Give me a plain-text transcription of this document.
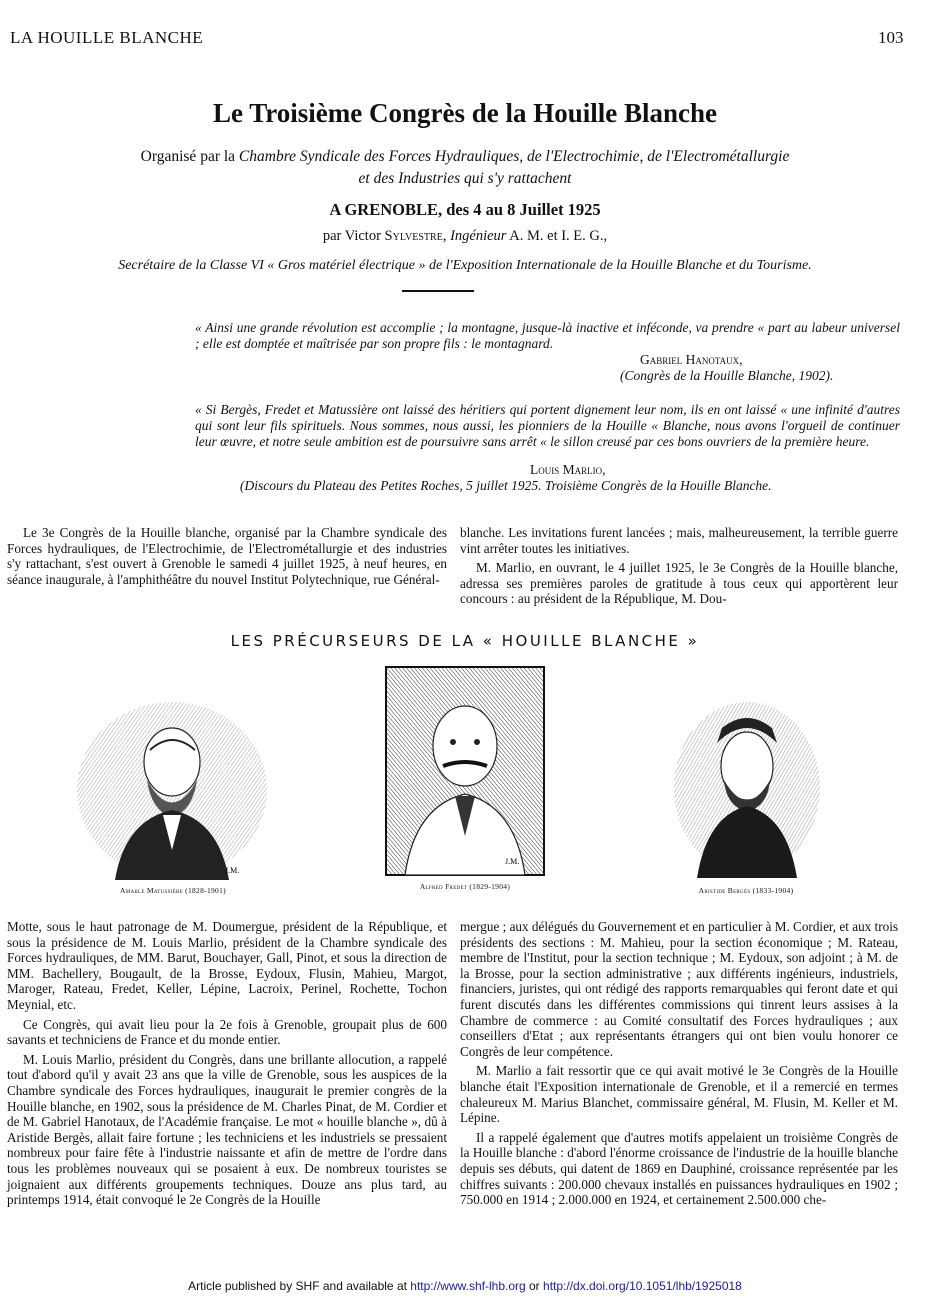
LA HOUILLE BLANCHE	103
Le Troisième Congrès de la Houille Blanche
Organisé par la Chambre Syndicale des Forces Hydrauliques, de l'Electrochimie, de l'Electrométallurgie
et des Industries qui s'y rattachent
A GRENOBLE, des 4 au 8 Juillet 1925
par Victor Sylvestre, Ingénieur A. M. et I. E. G.,
Secrétaire de la Classe VI « Gros matériel électrique » de l'Exposition Internationale de la Houille Blanche et du Tourisme.
« Ainsi une grande révolution est accomplie ; la montagne, jusque-là inactive et inféconde, va prendre « part au labeur universel ; elle est domptée et maîtrisée par son propre fils : le montagnard.
Gabriel Hanotaux,
(Congrès de la Houille Blanche, 1902).
« Si Bergès, Fredet et Matussière ont laissé des héritiers qui portent dignement leur nom, ils en ont laissé « une infinité d'autres qui sont leur fils spirituels. Nous sommes, nous aussi, les pionniers de la Houille « Blanche, nous avons l'orgueil de continuer leur œuvre, et notre seule ambition est de poursuivre sans arrêt « le sillon creusé par ces bons ouvriers de la première heure.
Louis Marlio,
(Discours du Plateau des Petites Roches, 5 juillet 1925. Troisième Congrès de la Houille Blanche.

Le 3e Congrès de la Houille blanche, organisé par la Chambre syndicale des Forces hydrauliques, de l'Electrochimie, de l'Electrométallurgie et des industries s'y rattachant, s'est ouvert à Grenoble le samedi 4 juillet 1925, à neuf heures, en séance inaugurale, à l'amphithéâtre du nouvel Institut Polytechnique, rue Général-

blanche. Les invitations furent lancées ; mais, malheureusement, la terrible guerre vint arrêter toutes les initiatives.

M. Marlio, en ouvrant, le 4 juillet 1925, le 3e Congrès de la Houille blanche, adressa ses premières paroles de gratitude à tous ceux qui apportèrent leur concours : au président de la République, M. Dou-

LES PRÉCURSEURS DE LA « HOUILLE BLANCHE »
J.M.
Amable Matussière (1828-1901)
J.M.
Alfred Fredet (1829-1904)	Aristide Bergès (1833-1904)

Motte, sous le haut patronage de M. Doumergue, président de la République, et sous la présidence de M. Louis Marlio, président de la Chambre syndicale des Forces hydrauliques, de MM. Barut, Bouchayer, Gall, Pinot, et sous la direction de MM. Bachellery, Bougault, de la Brosse, Eydoux, Flusin, Mahieu, Margot, Maroger, Rateau, Fredet, Keller, Lépine, Lacroix, Perinel, Rochette, Tochon Meynial, etc.

Ce Congrès, qui avait lieu pour la 2e fois à Grenoble, groupait plus de 600 savants et techniciens de France et du monde entier.

M. Louis Marlio, président du Congrès, dans une brillante allocution, a rappelé tout d'abord qu'il y avait 23 ans que la ville de Grenoble, sous les auspices de la Chambre syndicale des Forces hydrauliques, inaugurait le premier congrès de la Houille blanche, en 1902, sous la présidence de M. Charles Pinat, de M. Cordier et de M. Gabriel Hanotaux, de l'Académie française. Le mot « houille blanche », dû à Aristide Bergès, allait faire fortune ; les techniciens et les industriels se pressaient nombreux pour faire fête à l'industrie naissante et afin de mettre de l'ordre dans tous les problèmes nouveaux qui se posaient à eux. De nombreux touristes se joignaient aux différents groupements techniques. Douze ans plus tard, au printemps 1914, était convoqué le 2e Congrès de la Houille

mergue ; aux délégués du Gouvernement et en particulier à M. Cordier, et aux trois présidents des sections : M. Mahieu, pour la section économique ; M. Rateau, membre de l'Institut, pour la section technique ; M. Eydoux, son adjoint ; à M. de la Brosse, pour la section administrative ; aux différents ingénieurs, industriels, financiers, juristes, qui ont rédigé des rapports remarquables qui feront date et qui furent discutés dans les différentes commissions qui tinrent leurs assises à la Chambre de commerce : au Comité consultatif des Forces hydrauliques ; aux conseillers d'Etat ; aux représentants étrangers qui ont bien voulu honorer ce Congrès de leur compétence.

M. Marlio a fait ressortir que ce qui avait motivé le 3e Congrès de la Houille blanche était l'Exposition internationale de Grenoble, et il a remercié en termes chaleureux M. Marius Blanchet, commissaire général, M. Flusin, M. Keller et M. Lépine.

Il a rappelé également que d'autres motifs appelaient un troisième Congrès de la Houille blanche : d'abord l'énorme croissance de l'industrie de la houille blanche depuis ses débuts, qui datent de 1869 en Dauphiné, croissance représentée par les chiffres suivants : 200.000 chevaux installés en puissances hydrauliques en 1902 ; 750.000 en 1914 ; 2.000.000 en 1924, et certainement 2.500.000 che-

Article published by SHF and available at http://www.shf-lhb.org or http://dx.doi.org/10.1051/lhb/1925018
